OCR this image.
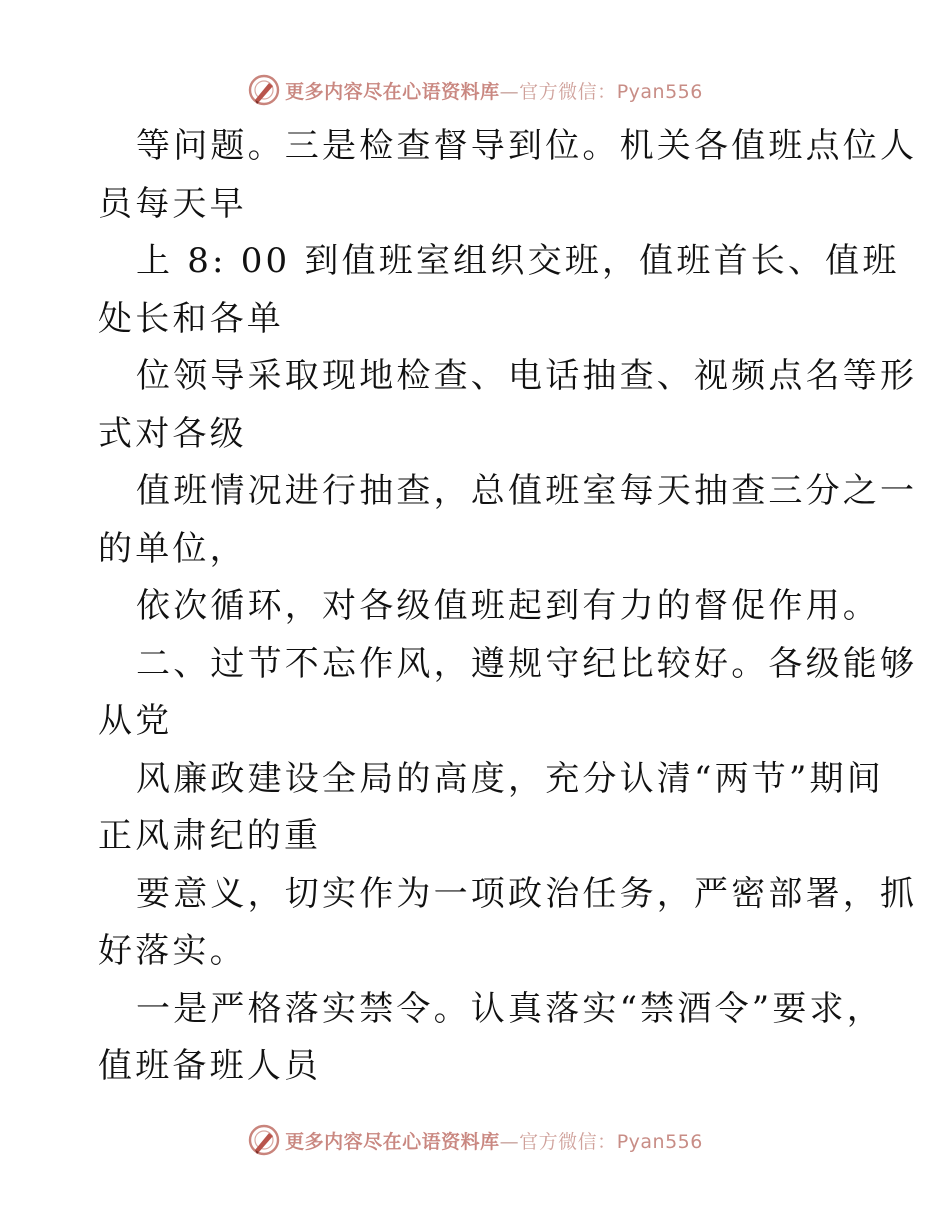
更多内容尽在心语资料库—官方微信：Pyan556

等问题。三是检查督导到位。机关各值班点位人
员每天早

上 8: 00 到值班室组织交班，值班首长、值班
处长和各单

位领导采取现地检查、电话抽查、视频点名等形
式对各级

值班情况进行抽查，总值班室每天抽查三分之一
的单位，

依次循环，对各级值班起到有力的督促作用。

二、过节不忘作风，遵规守纪比较好。各级能够
从党

风廉政建设全局的高度，充分认清“两节”期间
正风肃纪的重

要意义，切实作为一项政治任务，严密部署，抓
好落实。

一是严格落实禁令。认真落实“禁酒令”要求，
值班备班人员

更多内容尽在心语资料库—官方微信：Pyan556
